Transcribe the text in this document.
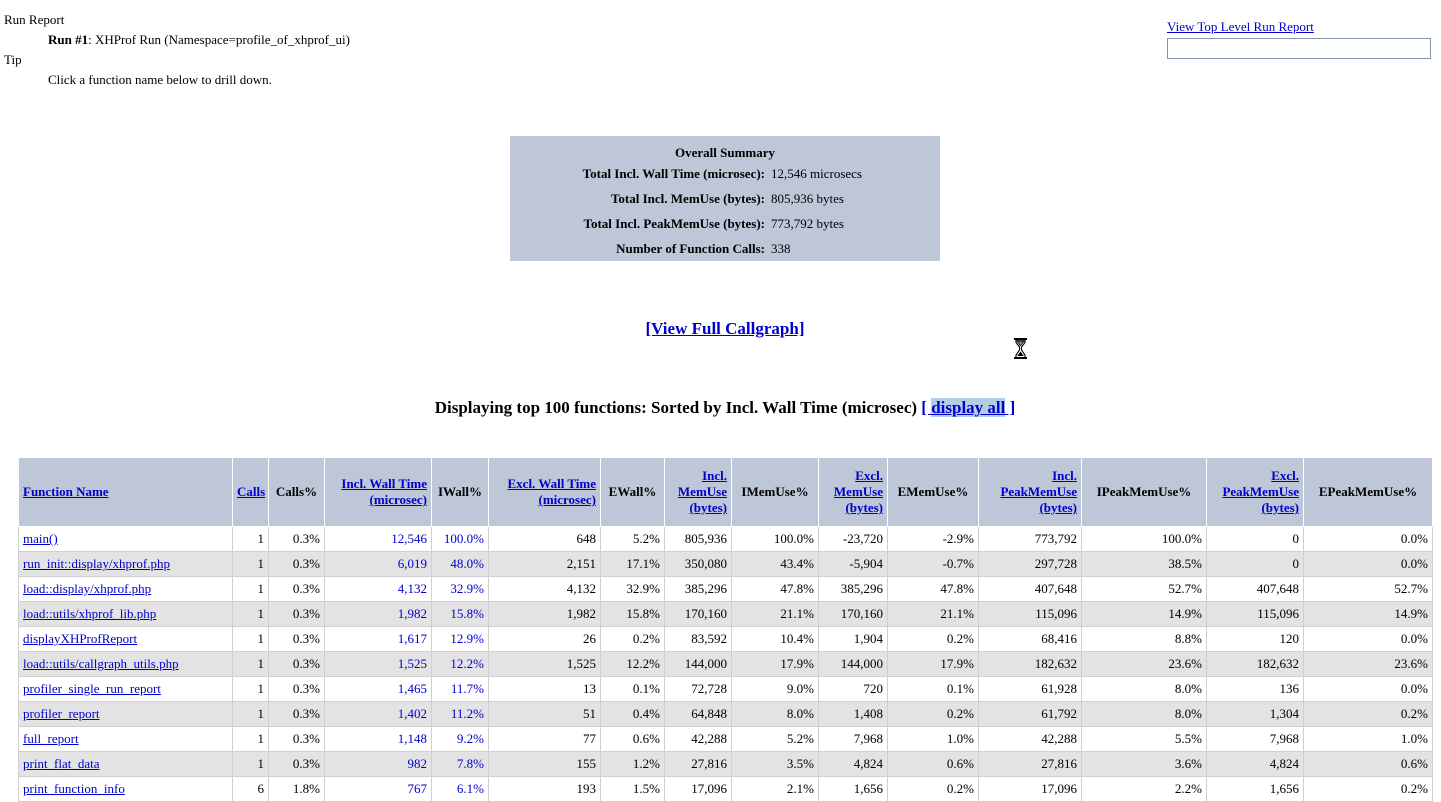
Run Report
Run #1: XHProf Run (Namespace=profile_of_xhprof_ui)
Tip
Click a function name below to drill down.
View Top Level Run Report

Overall Summary
Total Incl. Wall Time (microsec): 12,546 microsecs
Total Incl. MemUse (bytes): 805,936 bytes
Total Incl. PeakMemUse (bytes): 773,792 bytes
Number of Function Calls: 338
[View Full Callgraph]
Displaying top 100 functions: Sorted by Incl. Wall Time (microsec) [ display all ]
Function Name	Calls	Calls%	Incl. Wall Time (microsec)	IWall%	Excl. Wall Time (microsec)	EWall%	Incl. MemUse (bytes)	IMemUse%	Excl. MemUse (bytes)	EMemUse%	Incl. PeakMemUse (bytes)	IPeakMemUse%	Excl. PeakMemUse (bytes)	EPeakMemUse%
main()	1	0.3%	12,546	100.0%	648	5.2%	805,936	100.0%	-23,720	-2.9%	773,792	100.0%	0	0.0%
run_init::display/xhprof.php	1	0.3%	6,019	48.0%	2,151	17.1%	350,080	43.4%	-5,904	-0.7%	297,728	38.5%	0	0.0%
load::display/xhprof.php	1	0.3%	4,132	32.9%	4,132	32.9%	385,296	47.8%	385,296	47.8%	407,648	52.7%	407,648	52.7%
load::utils/xhprof_lib.php	1	0.3%	1,982	15.8%	1,982	15.8%	170,160	21.1%	170,160	21.1%	115,096	14.9%	115,096	14.9%
displayXHProfReport	1	0.3%	1,617	12.9%	26	0.2%	83,592	10.4%	1,904	0.2%	68,416	8.8%	120	0.0%
load::utils/callgraph_utils.php	1	0.3%	1,525	12.2%	1,525	12.2%	144,000	17.9%	144,000	17.9%	182,632	23.6%	182,632	23.6%
profiler_single_run_report	1	0.3%	1,465	11.7%	13	0.1%	72,728	9.0%	720	0.1%	61,928	8.0%	136	0.0%
profiler_report	1	0.3%	1,402	11.2%	51	0.4%	64,848	8.0%	1,408	0.2%	61,792	8.0%	1,304	0.2%
full_report	1	0.3%	1,148	9.2%	77	0.6%	42,288	5.2%	7,968	1.0%	42,288	5.5%	7,968	1.0%
print_flat_data	1	0.3%	982	7.8%	155	1.2%	27,816	3.5%	4,824	0.6%	27,816	3.6%	4,824	0.6%
print_function_info	6	1.8%	767	6.1%	193	1.5%	17,096	2.1%	1,656	0.2%	17,096	2.2%	1,656	0.2%
